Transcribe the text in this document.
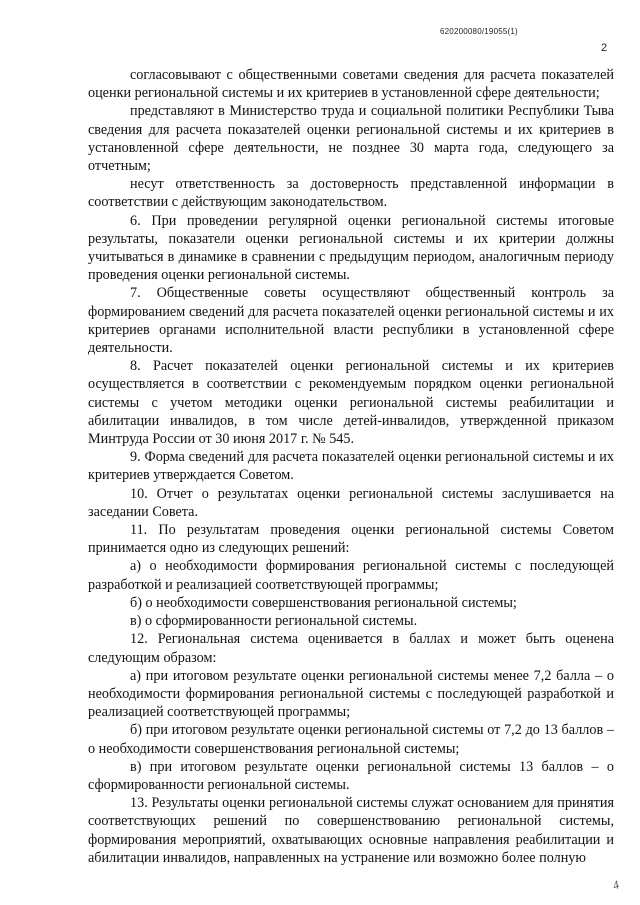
620200080/19055(1)
2

согласовывают с общественными советами сведения для расчета показателей оценки региональной системы и их критериев в установленной сфере деятельности;

представляют в Министерство труда и социальной политики Республики Тыва сведения для расчета показателей оценки региональной системы и их критериев в установленной сфере деятельности, не позднее 30 марта года, следующего за отчетным;

несут ответственность за достоверность представленной информации в соответствии с действующим законодательством.

6. При проведении регулярной оценки региональной системы итоговые результаты, показатели оценки региональной системы и их критерии должны учитываться в динамике в сравнении с предыдущим периодом, аналогичным периоду проведения оценки региональной системы.

7. Общественные советы осуществляют общественный контроль за формированием сведений для расчета показателей оценки региональной системы и их критериев органами исполнительной власти республики в установленной сфере деятельности.

8. Расчет показателей оценки региональной системы и их критериев осуществляется в соответствии с рекомендуемым порядком оценки региональной системы с учетом методики оценки региональной системы реабилитации и абилитации инвалидов, в том числе детей-инвалидов, утвержденной приказом Минтруда России от 30 июня 2017 г. № 545.

9. Форма сведений для расчета показателей оценки региональной системы и их критериев утверждается Советом.

10. Отчет о результатах оценки региональной системы заслушивается на заседании Совета.

11. По результатам проведения оценки региональной системы Советом принимается одно из следующих решений:

а) о необходимости формирования региональной системы с последующей разработкой и реализацией соответствующей программы;

б) о необходимости совершенствования региональной системы;

в) о сформированности региональной системы.

12. Региональная система оценивается в баллах и может быть оценена следующим образом:

а) при итоговом результате оценки региональной системы менее 7,2 балла – о необходимости формирования региональной системы с последующей разработкой и реализацией соответствующей программы;

б) при итоговом результате оценки региональной системы от 7,2 до 13 баллов – о необходимости совершенствования региональной системы;

в) при итоговом результате оценки региональной системы 13 баллов – о сформированности региональной системы.

13. Результаты оценки региональной системы служат основанием для принятия соответствующих решений по совершенствованию региональной системы, формирования мероприятий, охватывающих основные направления реабилитации и абилитации инвалидов, направленных на устранение или возможно более полную

4
